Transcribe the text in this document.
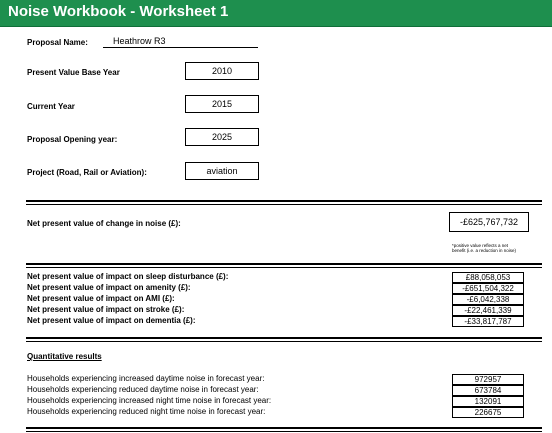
Noise Workbook - Worksheet 1
Proposal Name:	Heathrow R3
Present Value Base Year	2010
Current Year	2015
Proposal Opening year:	2025
Project (Road, Rail or Aviation):	aviation
Net present value of change in noise (£):	-£625,767,732
*positive value reflects a net
benefit (i.e. a reduction in noise)
Net present value of impact on sleep disturbance (£):	£88,058,053
Net present value of impact on amenity (£):	-£651,504,322
Net present value of impact on AMI (£):	-£6,042,338
Net present value of impact on stroke (£):	-£22,461,339
Net present value of impact on dementia (£):	-£33,817,787
Quantitative results
Households experiencing increased daytime noise in forecast year:	972957
Households experiencing reduced daytime noise in forecast year:	673784
Households experiencing increased night time noise in forecast year:	132091
Households experiencing reduced night time noise in forecast year:	226675
